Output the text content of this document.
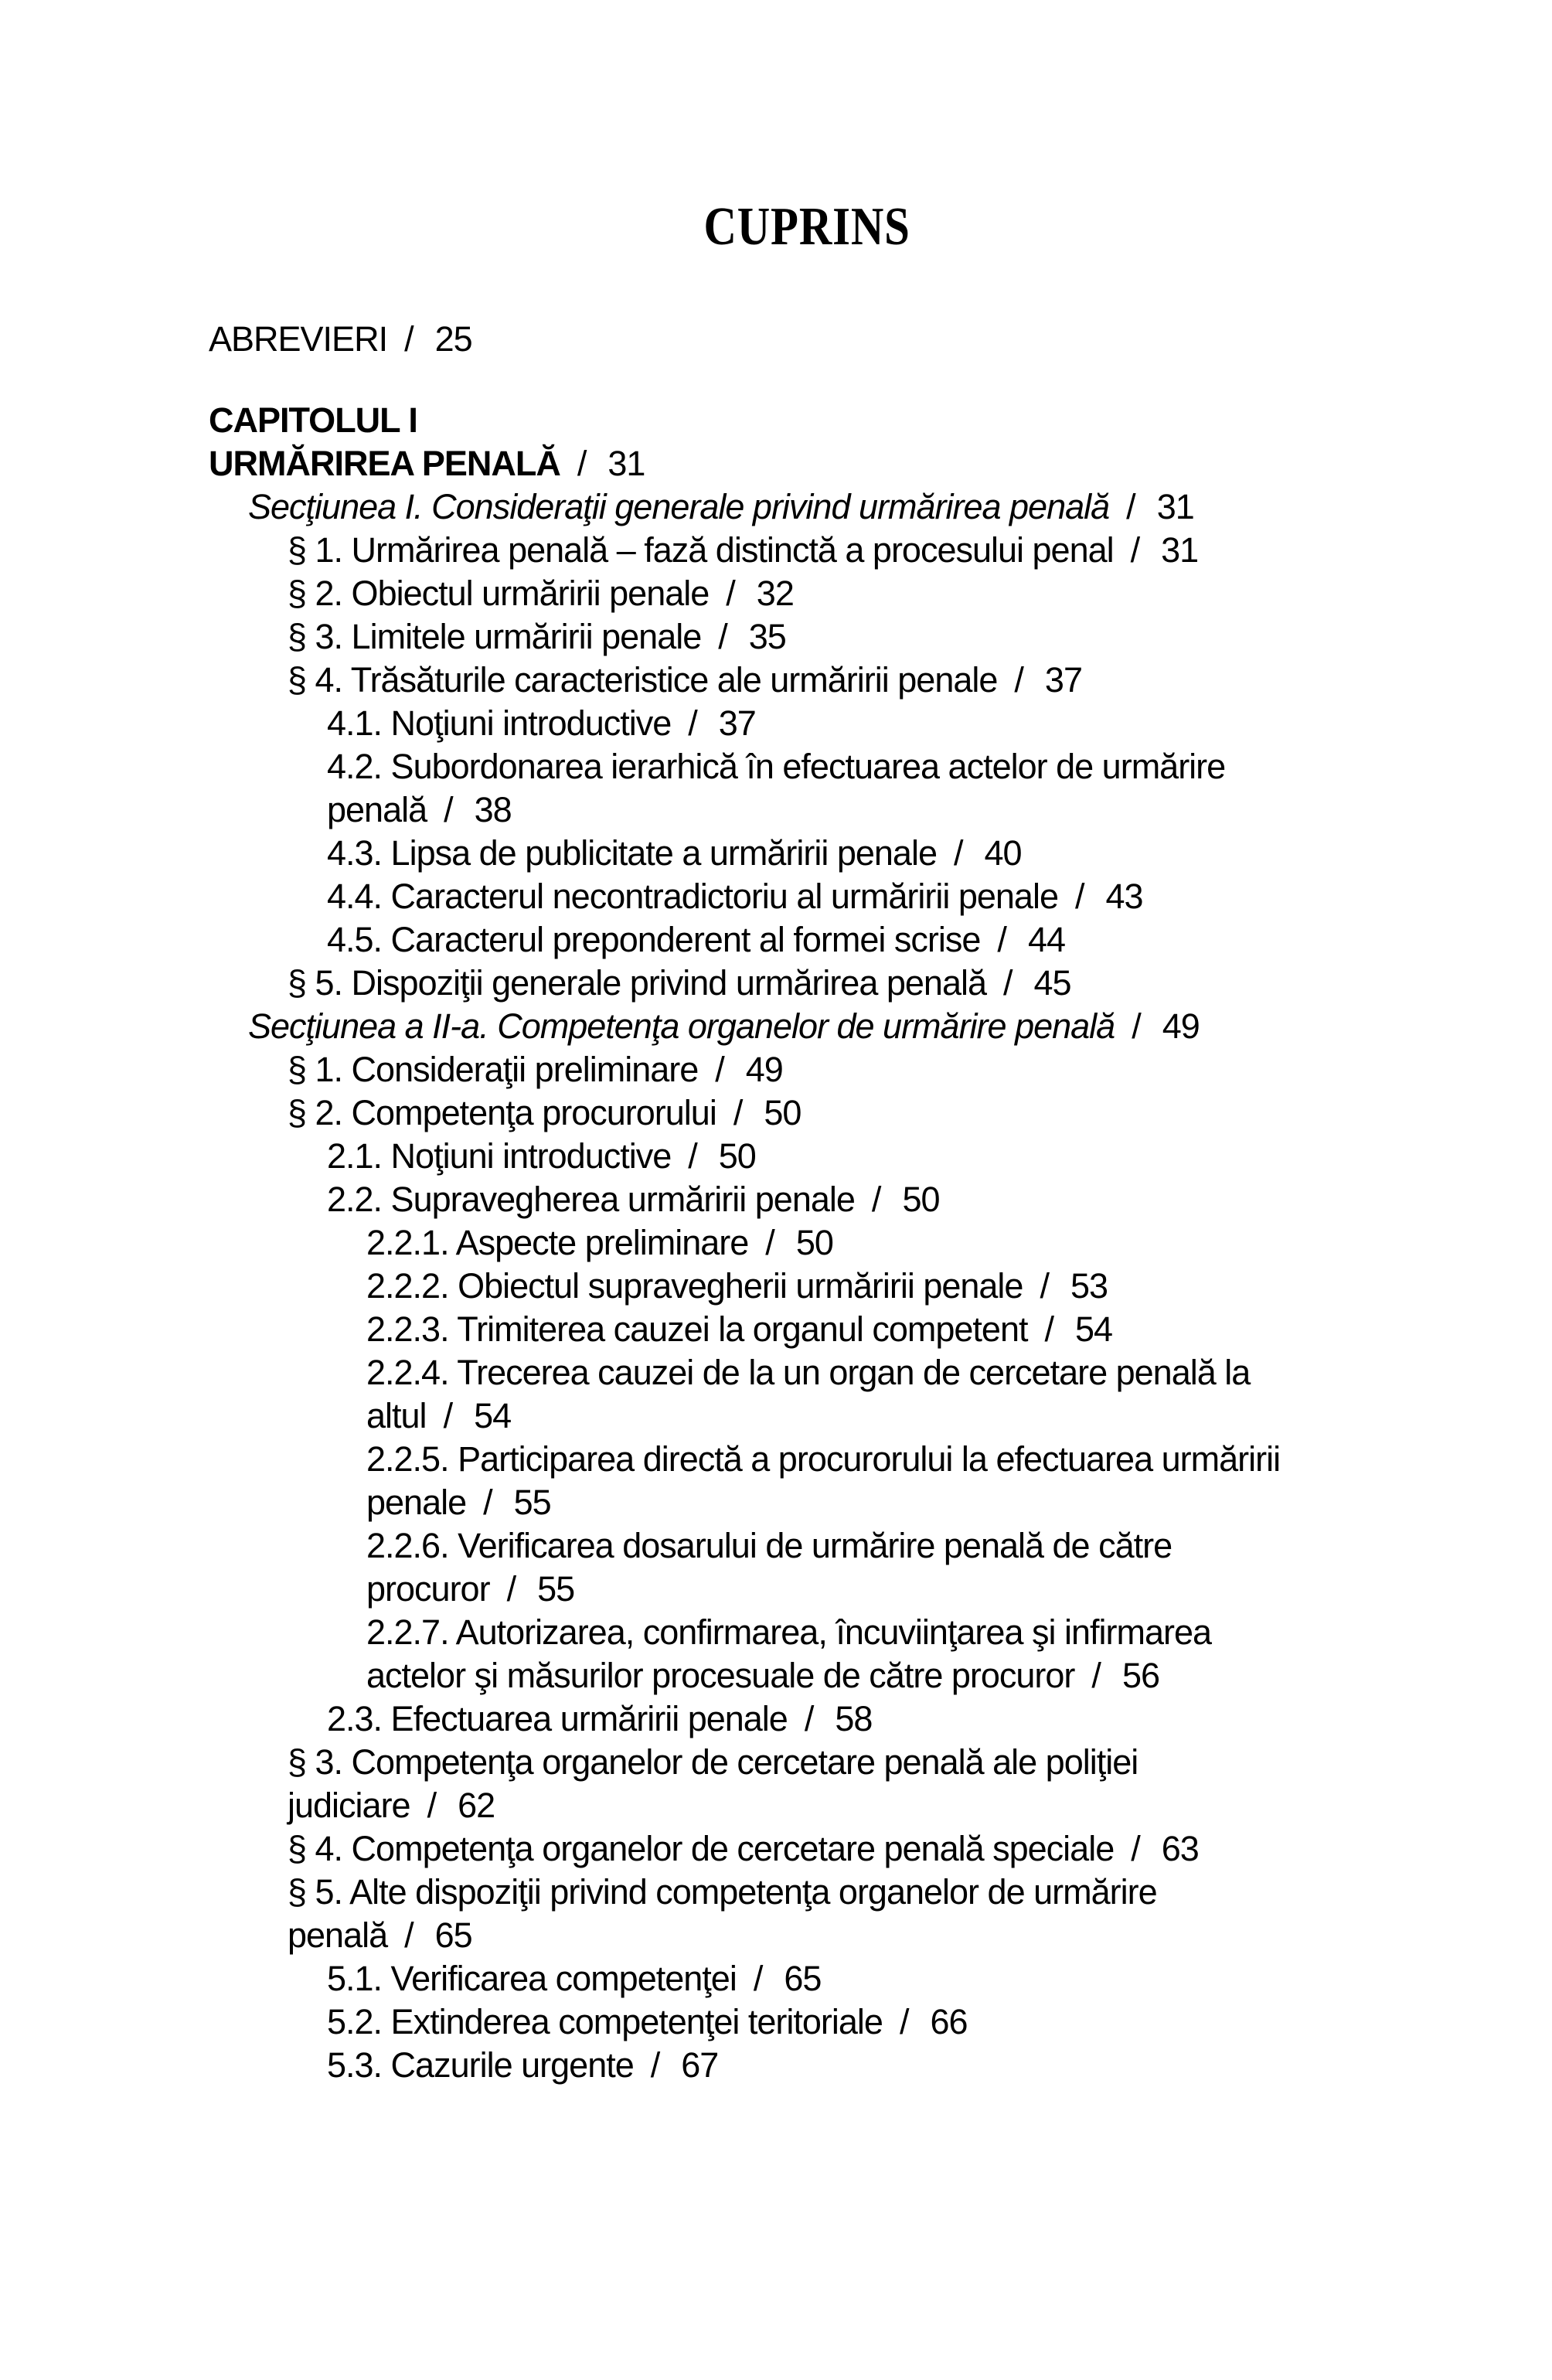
CUPRINS
ABREVIERI / 25
CAPITOLUL I
URMĂRIREA PENALĂ / 31
Secţiunea I. Consideraţii generale privind urmărirea penală / 31
§ 1. Urmărirea penală – fază distinctă a procesului penal / 31
§ 2. Obiectul urmăririi penale / 32
§ 3. Limitele urmăririi penale / 35
§ 4. Trăsăturile caracteristice ale urmăririi penale / 37
4.1. Noţiuni introductive / 37
4.2. Subordonarea ierarhică în efectuarea actelor de urmărire
penală / 38
4.3. Lipsa de publicitate a urmăririi penale / 40
4.4. Caracterul necontradictoriu al urmăririi penale / 43
4.5. Caracterul preponderent al formei scrise / 44
§ 5. Dispoziţii generale privind urmărirea penală / 45
Secţiunea a II-a. Competenţa organelor de urmărire penală / 49
§ 1. Consideraţii preliminare / 49
§ 2. Competenţa procurorului / 50
2.1. Noţiuni introductive / 50
2.2. Supravegherea urmăririi penale / 50
2.2.1. Aspecte preliminare / 50
2.2.2. Obiectul supravegherii urmăririi penale / 53
2.2.3. Trimiterea cauzei la organul competent / 54
2.2.4. Trecerea cauzei de la un organ de cercetare penală la
altul / 54
2.2.5. Participarea directă a procurorului la efectuarea urmăririi
penale / 55
2.2.6. Verificarea dosarului de urmărire penală de către
procuror / 55
2.2.7. Autorizarea, confirmarea, încuviinţarea şi infirmarea
actelor şi măsurilor procesuale de către procuror / 56
2.3. Efectuarea urmăririi penale / 58
§ 3. Competenţa organelor de cercetare penală ale poliţiei
judiciare / 62
§ 4. Competenţa organelor de cercetare penală speciale / 63
§ 5. Alte dispoziţii privind competenţa organelor de urmărire
penală / 65
5.1. Verificarea competenţei / 65
5.2. Extinderea competenţei teritoriale / 66
5.3. Cazurile urgente / 67
